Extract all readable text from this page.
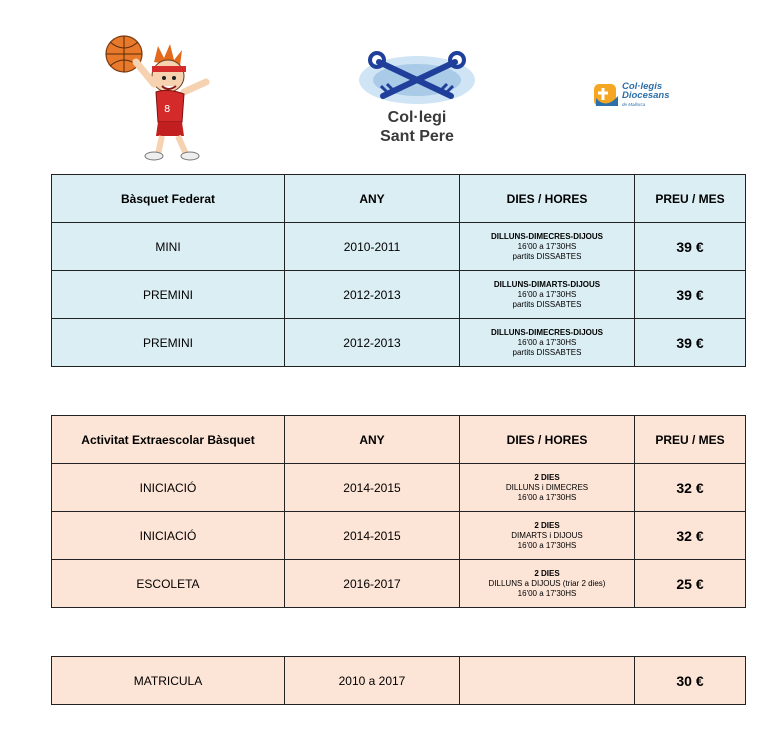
8	Col·legi
Sant Pere
Col·legis
Diocesans
de Mallorca
Bàsquet Federat	ANY	DIES / HORES	PREU / MES
MINI	2010-2011	DILLUNS-DIMECRES-DIJOUS
16'00 a 17'30HS
partits DISSABTES	39 €
PREMINI	2012-2013	DILLUNS-DIMARTS-DIJOUS
16'00 a 17'30HS
partits DISSABTES	39 €
PREMINI	2012-2013	DILLUNS-DIMECRES-DIJOUS
16'00 a 17'30HS
partits DISSABTES	39 €
Activitat Extraescolar Bàsquet	ANY	DIES / HORES	PREU / MES
INICIACIÓ	2014-2015	2 DIES
DILLUNS i DIMECRES
16'00 a 17'30HS	32 €
INICIACIÓ	2014-2015	2 DIES
DIMARTS i DIJOUS
16'00 a 17'30HS	32 €
ESCOLETA	2016-2017	2 DIES
DILLUNS a DIJOUS (triar 2 dies)
16'00 a 17'30HS	25 €
MATRICULA	2010 a 2017		30 €
